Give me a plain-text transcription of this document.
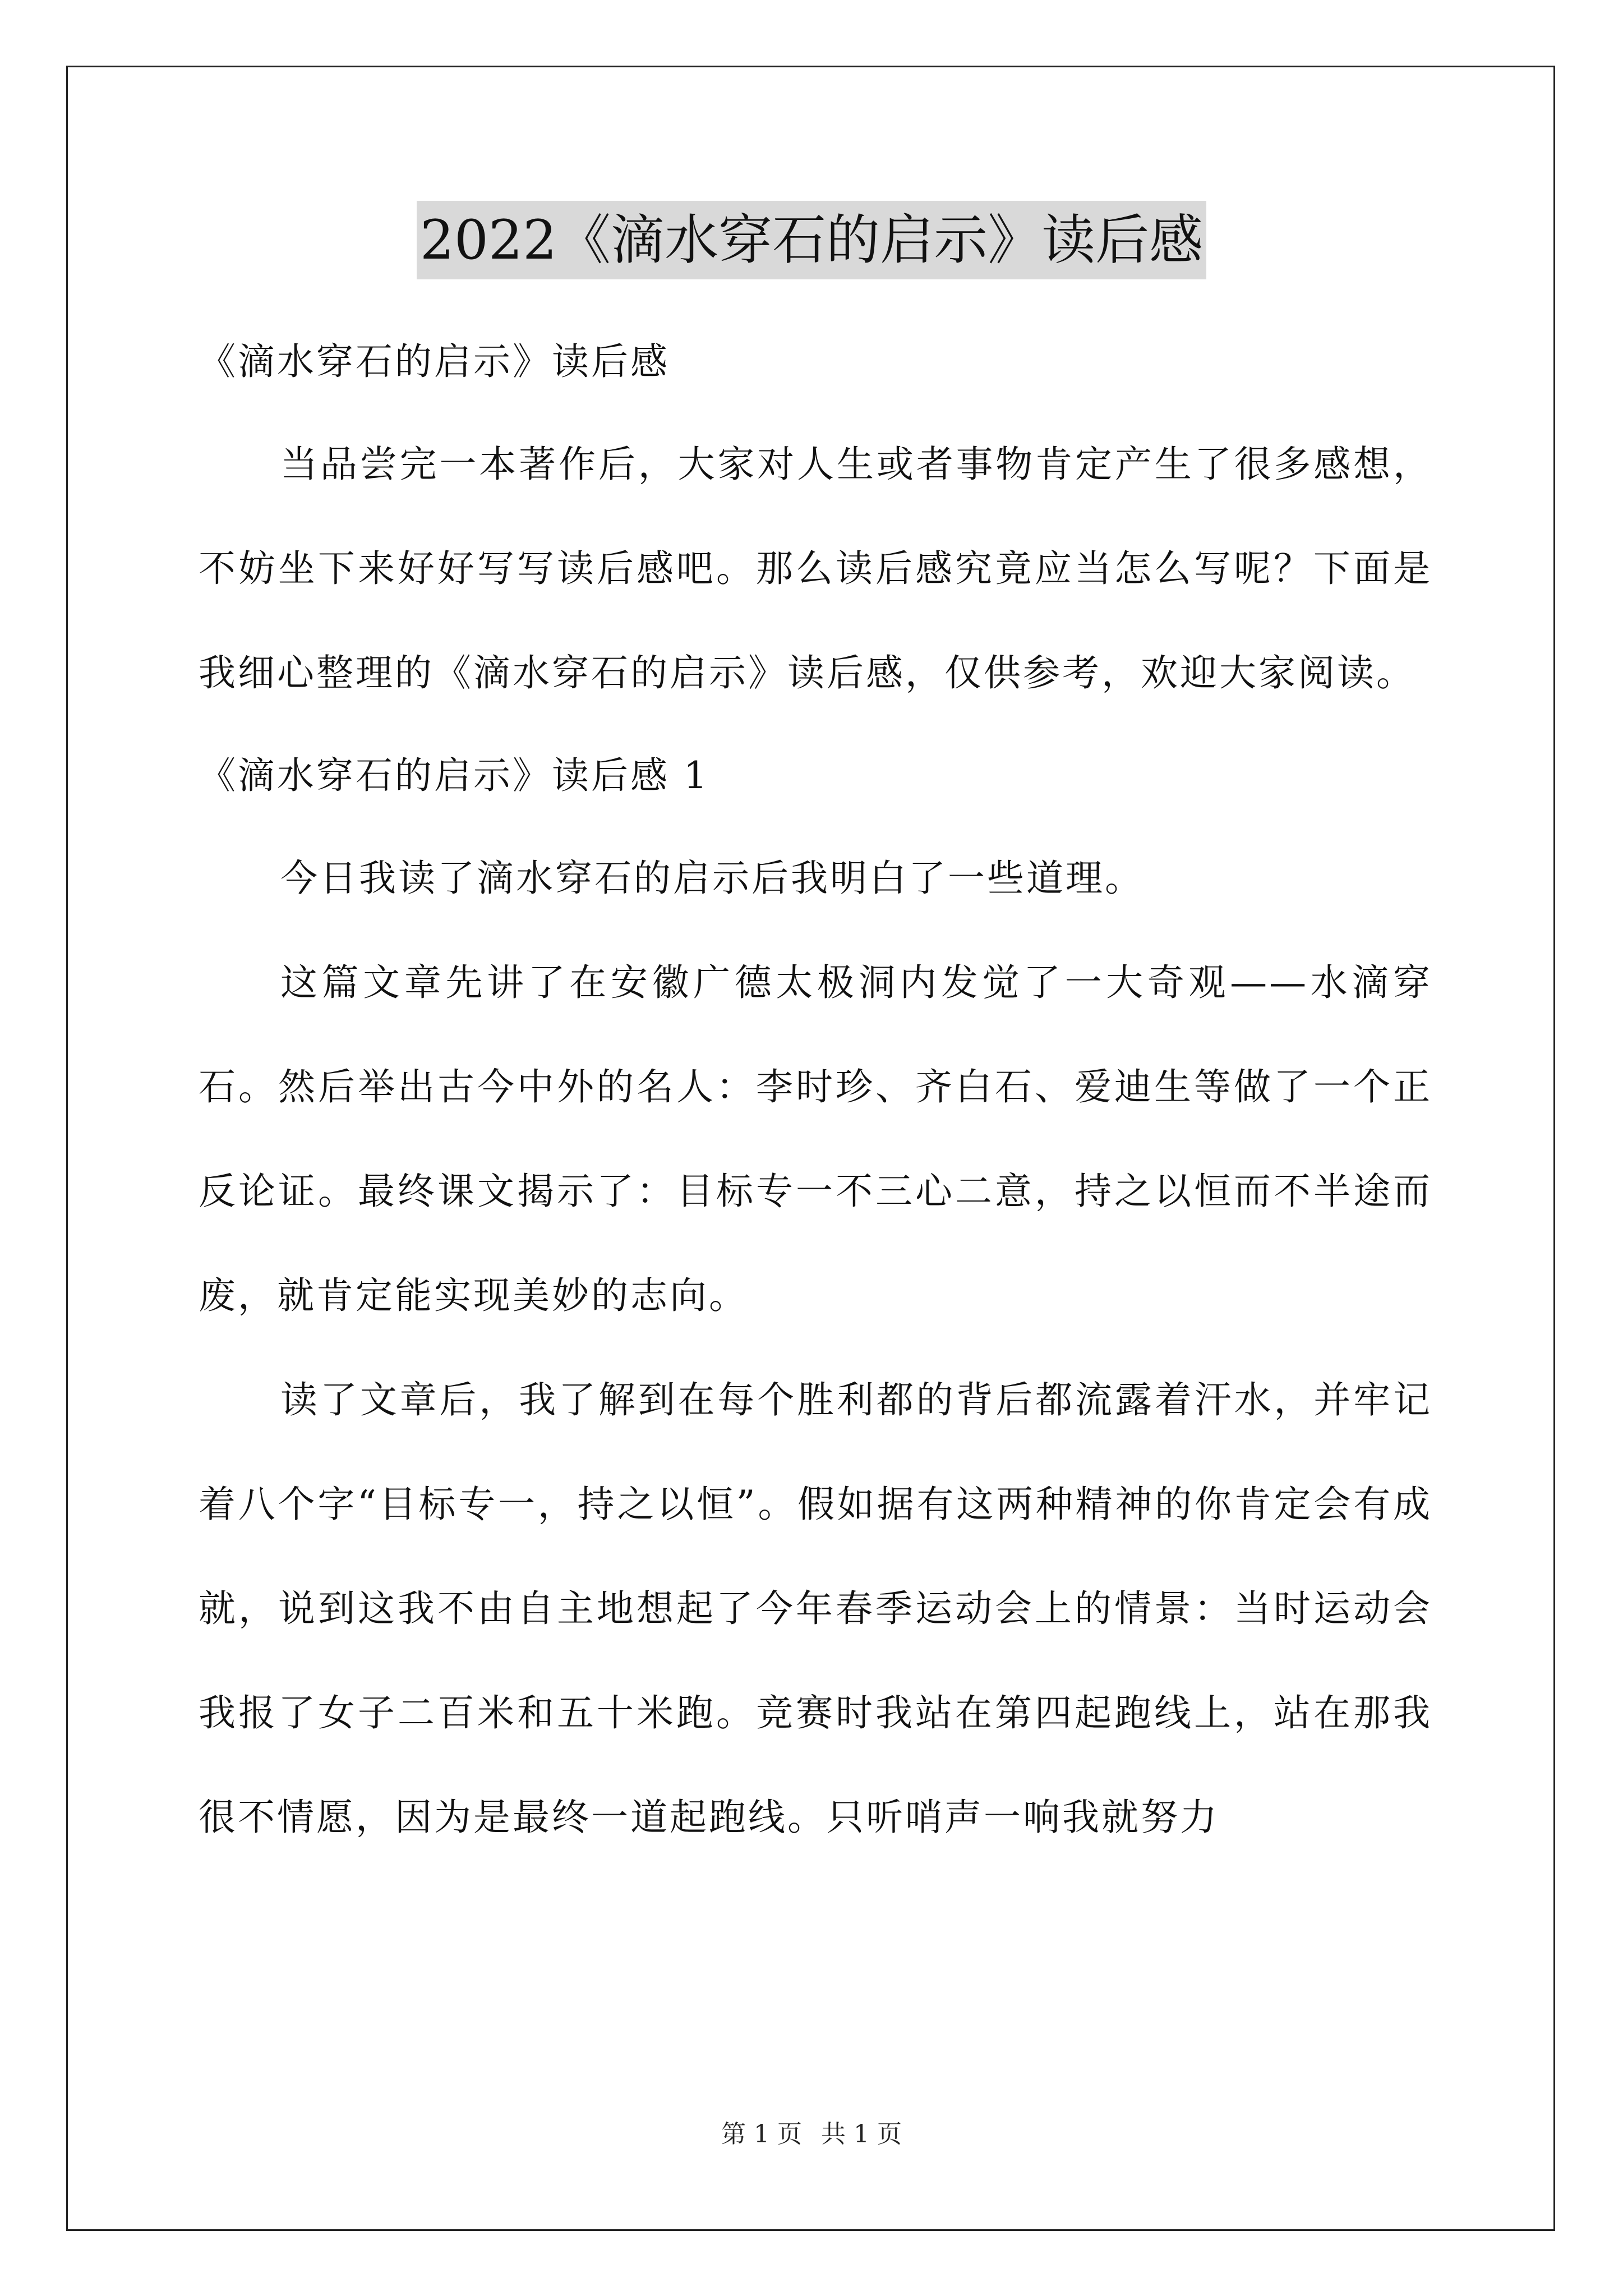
2022《滴水穿石的启示》读后感

《滴水穿石的启示》读后感

当品尝完一本著作后，大家对人生或者事物肯定产生了很多感想，不妨坐下来好好写写读后感吧。那么读后感究竟应当怎么写呢？下面是我细心整理的《滴水穿石的启示》读后感，仅供参考，欢迎大家阅读。

《滴水穿石的启示》读后感 1

今日我读了滴水穿石的启示后我明白了一些道理。

这篇文章先讲了在安徽广德太极洞内发觉了一大奇观——水滴穿石。然后举出古今中外的名人：李时珍、齐白石、爱迪生等做了一个正反论证。最终课文揭示了：目标专一不三心二意，持之以恒而不半途而废，就肯定能实现美妙的志向。

读了文章后，我了解到在每个胜利都的背后都流露着汗水，并牢记着八个字“目标专一，持之以恒”。假如据有这两种精神的你肯定会有成就，说到这我不由自主地想起了今年春季运动会上的情景：当时运动会我报了女子二百米和五十米跑。竞赛时我站在第四起跑线上，站在那我很不情愿，因为是最终一道起跑线。只听哨声一响我就努力

第 1 页 共 1 页
